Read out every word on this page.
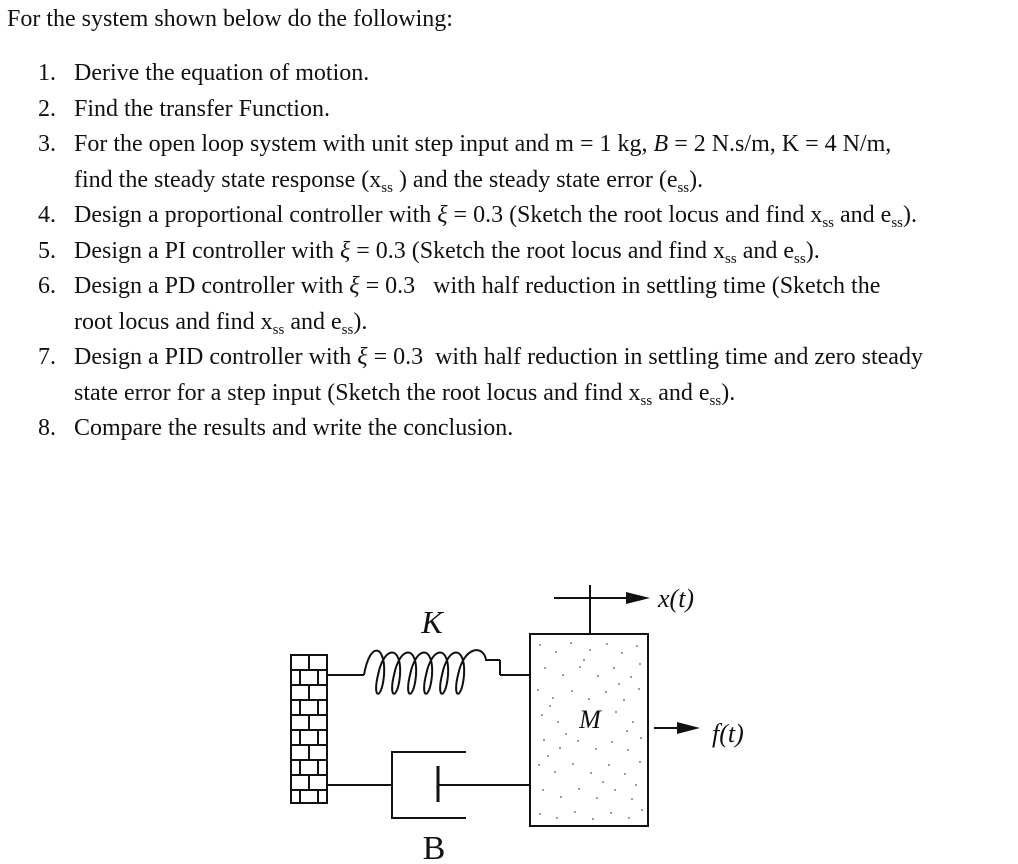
For the system shown below do the following:
1. Derive the equation of motion.
2. Find the transfer Function.
3. For the open loop system with unit step input and m = 1 kg, B = 2 N.s/m, K = 4 N/m,
find the steady state response ($x_{ss}$ ) and the steady state error $(e_{ss})$.
4. Design a proportional controller with ξ = 0.3 (Sketch the root locus and find $x_{ss}$ and $e_{ss}$).
5. Design a PI controller with ξ = 0.3 (Sketch the root locus and find $x_{ss}$ and $e_{ss}$).
6. Design a PD controller with ξ = 0.3   with half reduction in settling time (Sketch the
root locus and find $x_{ss}$ and $e_{ss}$).
7. Design a PID controller with ξ = 0.3  with half reduction in settling time and zero steady
state error for a step input (Sketch the root locus and find $x_{ss}$ and $e_{ss}$).
8. Compare the results and write the conclusion.
M
x(t)
f(t)
K
B
